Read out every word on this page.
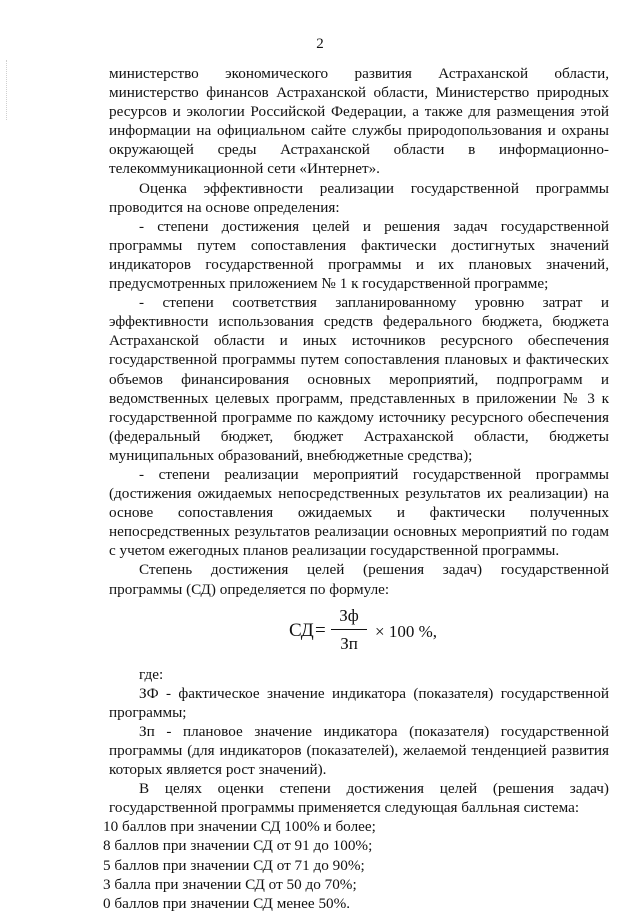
2

министерство экономического развития Астраханской области, министерство финансов Астраханской области, Министерство природных ресурсов и экологии Российской Федерации, а также для размещения этой информации на официальном сайте службы природопользования и охраны окружающей среды Астраханской области в информационно-телекоммуникационной сети «Интернет».

Оценка эффективности реализации государственной программы проводится на основе определения:

- степени достижения целей и решения задач государственной программы путем сопоставления фактически достигнутых значений индикаторов государственной программы и их плановых значений, предусмотренных приложением № 1 к государственной программе;

- степени соответствия запланированному уровню затрат и эффективности использования средств федерального бюджета, бюджета Астраханской области и иных источников ресурсного обеспечения государственной программы путем сопоставления плановых и фактических объемов финансирования основных мероприятий, подпрограмм и ведомственных целевых программ, представленных в приложении № 3 к государственной программе по каждому источнику ресурсного обеспечения (федеральный бюджет, бюджет Астраханской области, бюджеты муниципальных образований, внебюджетные средства);

- степени реализации мероприятий государственной программы (достижения ожидаемых непосредственных результатов их реализации) на основе сопоставления ожидаемых и фактически полученных непосредственных результатов реализации основных мероприятий по годам с учетом ежегодных планов реализации государственной программы.

Степень достижения целей (решения задач) государственной программы (СД) определяется по формуле:

СД =
Зф
Зп
× 100 %,

где:

ЗФ - фактическое значение индикатора (показателя) государственной программы;

Зп - плановое значение индикатора (показателя) государственной программы (для индикаторов (показателей), желаемой тенденцией развития которых является рост значений).

В целях оценки степени достижения целей (решения задач) государственной программы применяется следующая балльная система:

10 баллов при значении СД 100% и более;
8 баллов при значении СД от 91 до 100%;
5 баллов при значении СД от 71 до 90%;
3 балла при значении СД от 50 до 70%;
0 баллов при значении СД менее 50%.
